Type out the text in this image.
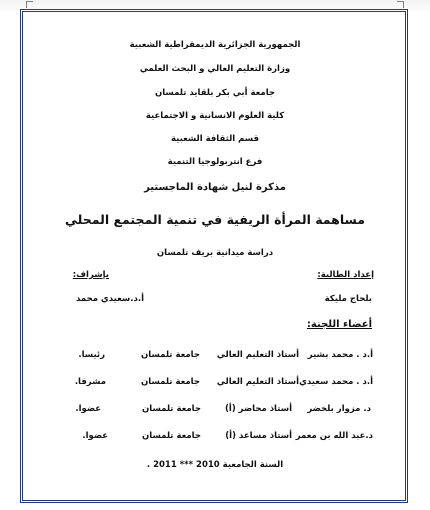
الجمهورية الجزائرية الديمقراطية الشعبية
وزارة التعليم العالي و البحث العلمي
جامعة أبي بكر بلقايد تلمسان
كلية العلوم الانسانية و الاجتماعية
قسم الثقافة الشعبية
فرع انتربولوجيا التنمية
مذكرة لنيل شهادة الماجستير
مساهمة المرأة الريفية في تنمية المجتمع المحلي
دراسة ميدانية بريف تلمسان
إعداد الطالبة:
بإشراف:
بلحاج مليكة
أ.د.سعيدي محمد
أعضاء اللجنة:
أ.د . محمد بشير
أستاذ التعليم العالي
جامعة تلمسان
رئيسا.
أ.د . محمد سعيدي
أستاذ التعليم العالي
جامعة تلمسان
مشرفا.
د. مزوار بلخضر
أستاذ محاضر (أ)
جامعة تلمسان
عضوا.
د.عبد الله بن معمر
أستاذ مساعد (أ)
جامعة تلمسان
عضوا.
السنة الجامعية 2010 *** 2011 .
